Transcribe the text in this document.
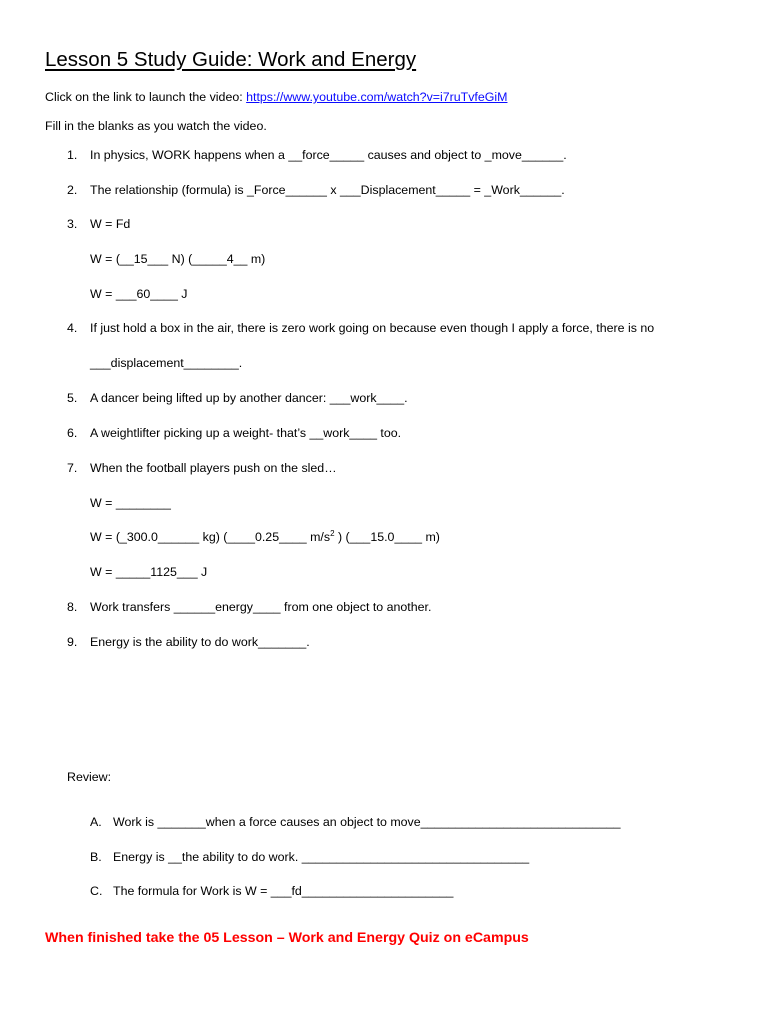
Lesson 5 Study Guide: Work and Energy
Click on the link to launch the video: https://www.youtube.com/watch?v=i7ruTvfeGiM
Fill in the blanks as you watch the video.
1. In physics, WORK happens when a __force_____ causes and object to _move______.
2. The relationship (formula) is _Force______ x ___Displacement_____ = _Work______.
3. W = Fd
W = (__15___ N) (_____4__ m)
W = ___60____ J
4. If just hold a box in the air, there is zero work going on because even though I apply a force, there is no
___displacement________.
5. A dancer being lifted up by another dancer: ___work____.
6. A weightlifter picking up a weight- that’s __work____ too.
7. When the football players push on the sled…
W = ________
W = (_300.0______ kg) (____0.25____ $m/s^2$ ) (___15.0____ m)
W = _____1125___ J
8. Work transfers ______energy____ from one object to another.
9. Energy is the ability to do work_______.
Review:
A. Work is _______when a force causes an object to move_____________________________
B. Energy is __the ability to do work. _________________________________
C. The formula for Work is W = ___fd______________________
When finished take the 05 Lesson – Work and Energy Quiz on eCampus
